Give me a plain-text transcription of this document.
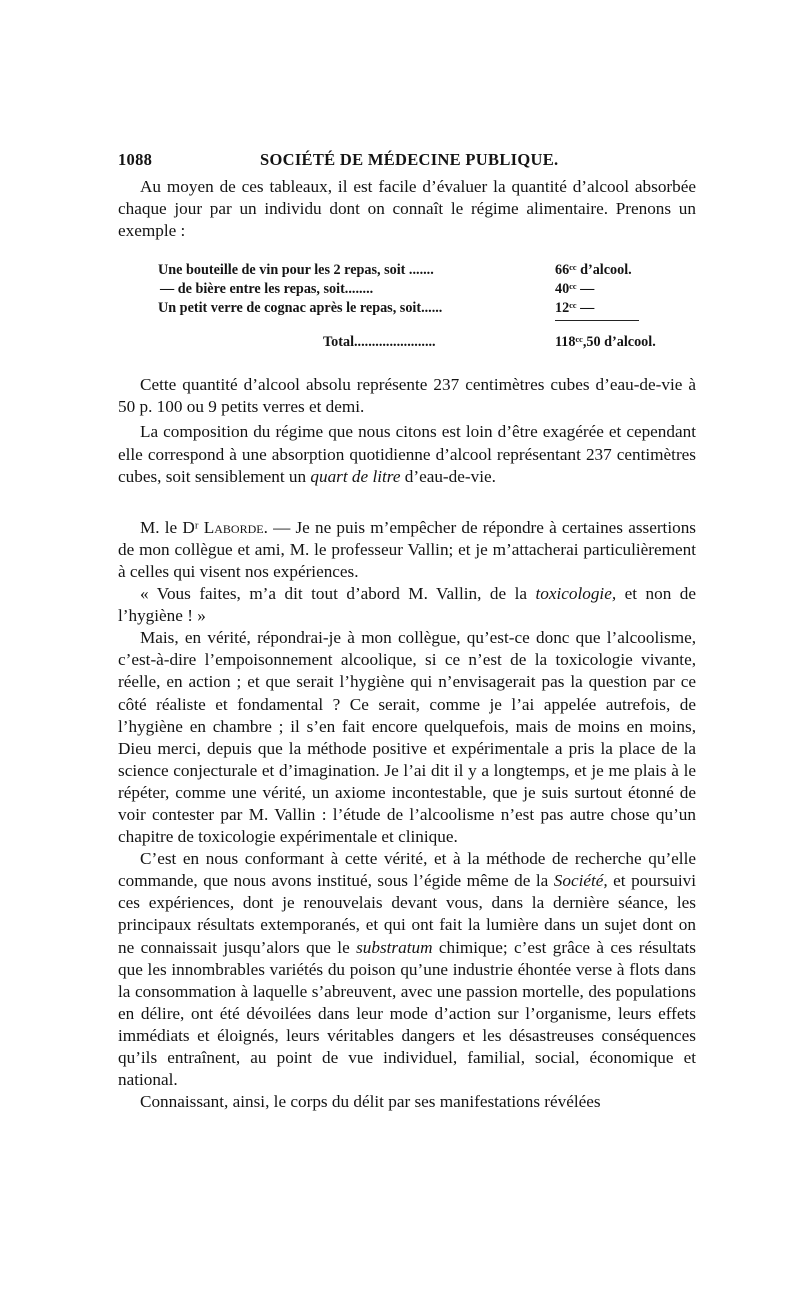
1088	SOCIÉTÉ DE MÉDECINE PUBLIQUE.

Au moyen de ces tableaux, il est facile d’évaluer la quantité d’alcool absorbée chaque jour par un individu dont on connaît le régime alimentaire. Prenons un exemple :

Une bouteille de vin pour les 2 repas, soit .......	66ᶜᶜ d’alcool.
— de bière entre les repas, soit........	40ᶜᶜ —
Un petit verre de cognac après le repas, soit......	12ᶜᶜ —
Total.......................	118ᶜᶜ,50 d’alcool.

Cette quantité d’alcool absolu représente 237 centimètres cubes d’eau-de-vie à 50 p. 100 ou 9 petits verres et demi.

La composition du régime que nous citons est loin d’être exagérée et cependant elle correspond à une absorption quotidienne d’alcool représentant 237 centimètres cubes, soit sensiblement un quart de litre d’eau-de-vie.

M. le Dʳ Laborde. — Je ne puis m’empêcher de répondre à certaines assertions de mon collègue et ami, M. le professeur Vallin; et je m’attacherai particulièrement à celles qui visent nos expériences.

« Vous faites, m’a dit tout d’abord M. Vallin, de la toxicologie, et non de l’hygiène ! »

Mais, en vérité, répondrai-je à mon collègue, qu’est-ce donc que l’alcoolisme, c’est-à-dire l’empoisonnement alcoolique, si ce n’est de la toxicologie vivante, réelle, en action ; et que serait l’hygiène qui n’envisagerait pas la question par ce côté réaliste et fondamental ? Ce serait, comme je l’ai appelée autrefois, de l’hygiène en chambre ; il s’en fait encore quelquefois, mais de moins en moins, Dieu merci, depuis que la méthode positive et expérimentale a pris la place de la science conjecturale et d’imagination. Je l’ai dit il y a longtemps, et je me plais à le répéter, comme une vérité, un axiome incontestable, que je suis surtout étonné de voir contester par M. Vallin : l’étude de l’alcoolisme n’est pas autre chose qu’un chapitre de toxicologie expérimentale et clinique.

C’est en nous conformant à cette vérité, et à la méthode de recherche qu’elle commande, que nous avons institué, sous l’égide même de la Société, et poursuivi ces expériences, dont je renouvelais devant vous, dans la dernière séance, les principaux résultats extemporanés, et qui ont fait la lumière dans un sujet dont on ne connaissait jusqu’alors que le substratum chimique; c’est grâce à ces résultats que les innombrables variétés du poison qu’une industrie éhontée verse à flots dans la consommation à laquelle s’abreuvent, avec une passion mortelle, des populations en délire, ont été dévoilées dans leur mode d’action sur l’organisme, leurs effets immédiats et éloignés, leurs véritables dangers et les désastreuses conséquences qu’ils entraînent, au point de vue individuel, familial, social, économique et national.

Connaissant, ainsi, le corps du délit par ses manifestations révélées
